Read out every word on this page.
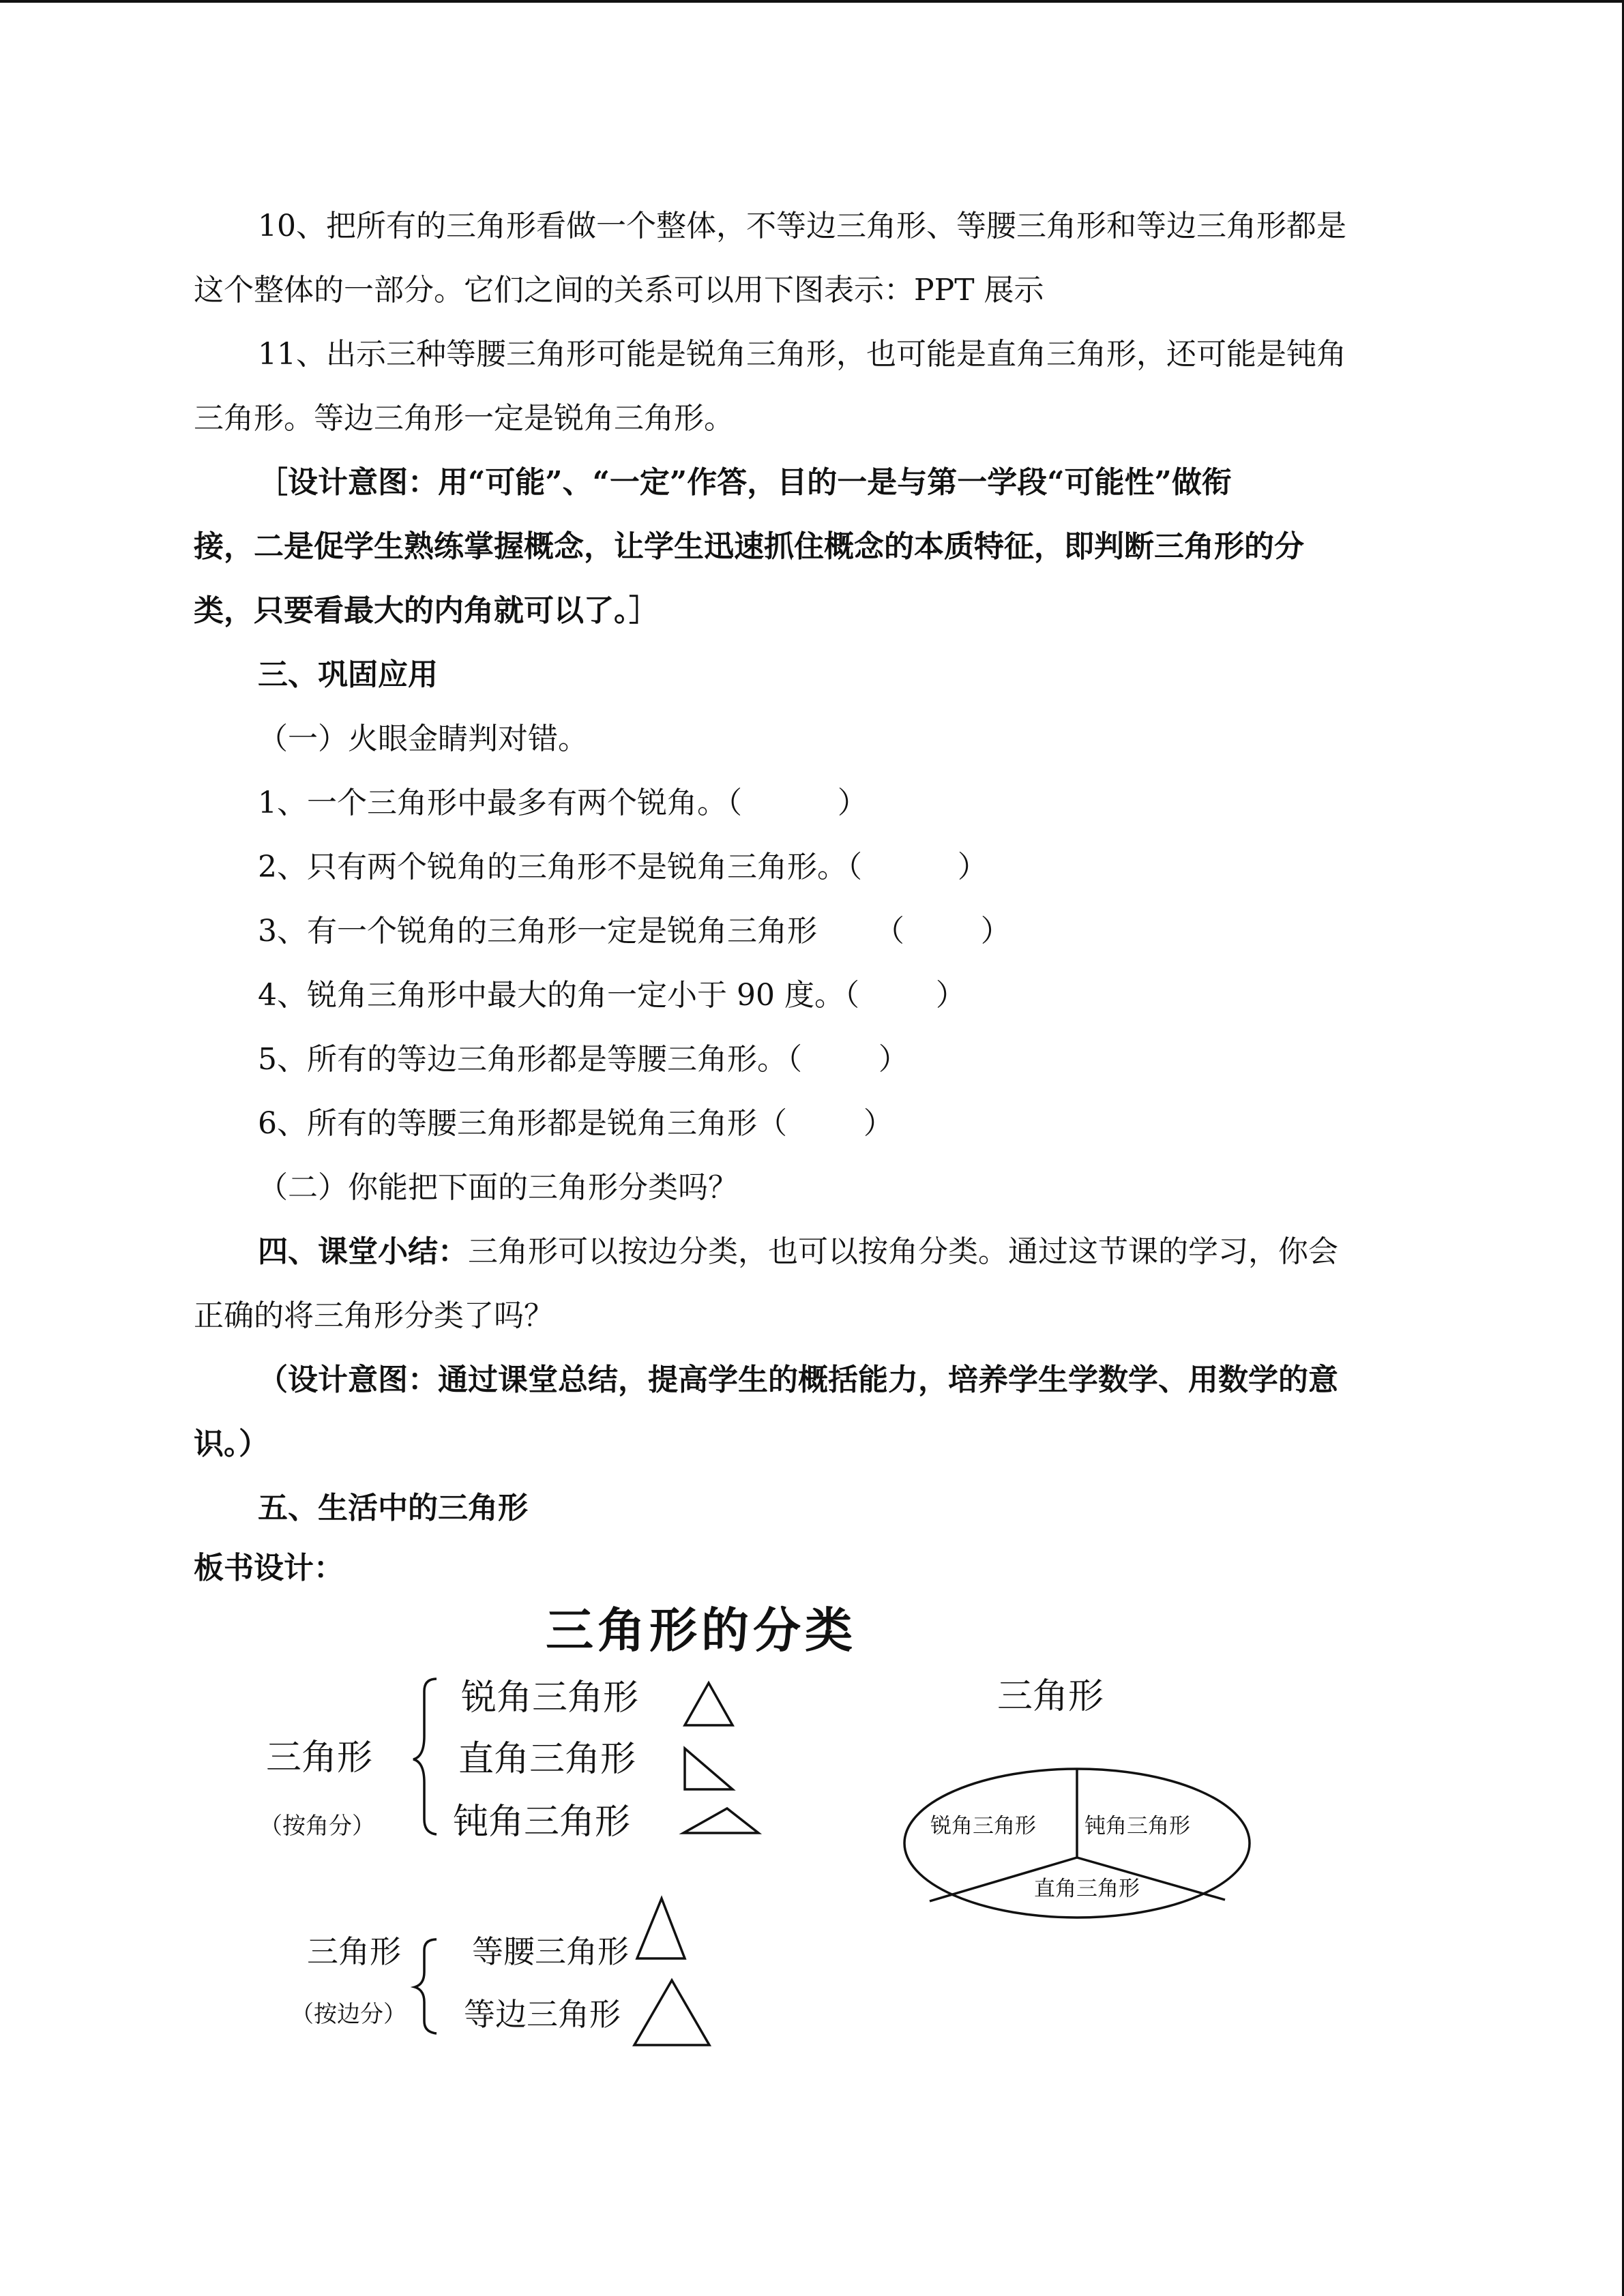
10、把所有的三角形看做一个整体，不等边三角形、等腰三角形和等边三角形都是

这个整体的一部分。它们之间的关系可以用下图表示：PPT 展示

11、出示三种等腰三角形可能是锐角三角形，也可能是直角三角形，还可能是钝角

三角形。等边三角形一定是锐角三角形。

［设计意图：用“可能”、“一定”作答，目的一是与第一学段“可能性”做衔

接，二是促学生熟练掌握概念，让学生迅速抓住概念的本质特征，即判断三角形的分

类，只要看最大的内角就可以了。］

三、巩固应用

（一）火眼金睛判对错。

1、一个三角形中最多有两个锐角。（          ）

2、只有两个锐角的三角形不是锐角三角形。（          ）

3、有一个锐角的三角形一定是锐角三角形      （        ）

4、锐角三角形中最大的角一定小于 90 度。（        ）

5、所有的等边三角形都是等腰三角形。（        ）

6、所有的等腰三角形都是锐角三角形（        ）

（二）你能把下面的三角形分类吗？

四、课堂小结：三角形可以按边分类，也可以按角分类。通过这节课的学习，你会

正确的将三角形分类了吗？

（设计意图：通过课堂总结，提高学生的概括能力，培养学生学数学、用数学的意

识。）

五、生活中的三角形

板书设计：

三角形的分类
三角形
（按角分）
锐角三角形
直角三角形
钝角三角形
三角形
（按边分）
等腰三角形
等边三角形
三角形
锐角三角形 钝角三角形
直角三角形
